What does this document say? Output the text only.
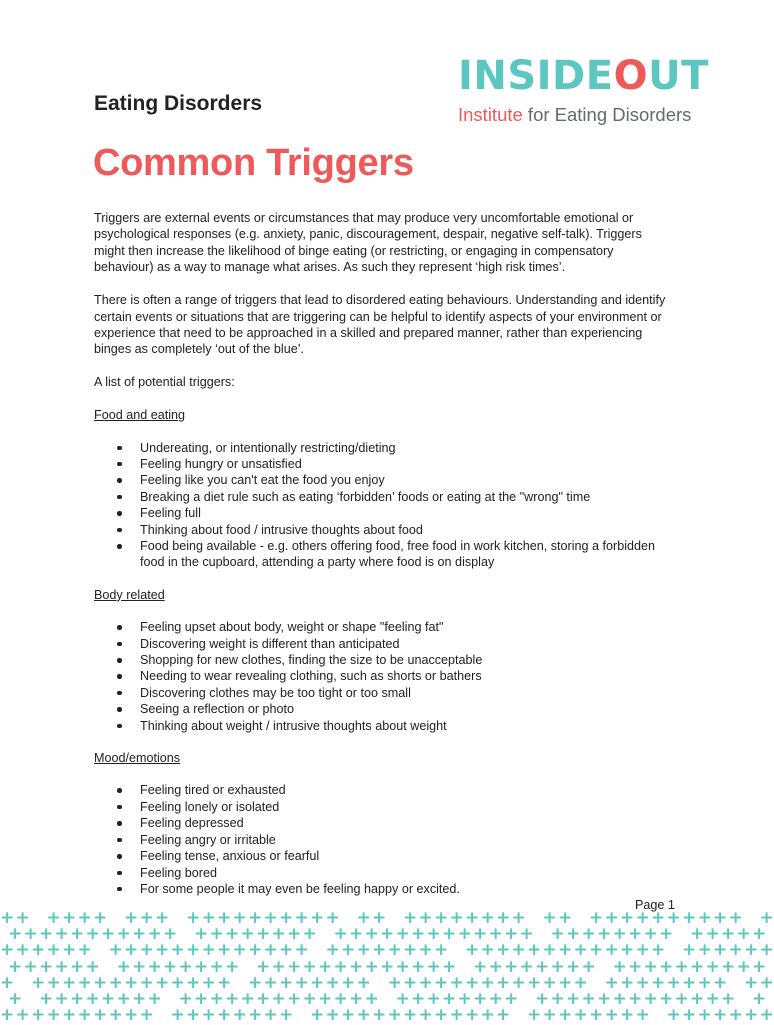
INSIDEOUT
Institute for Eating Disorders
Eating Disorders
Common Triggers

Triggers are external events or circumstances that may produce very uncomfortable emotional or psychological responses (e.g. anxiety, panic, discouragement, despair, negative self-talk). Triggers might then increase the likelihood of binge eating (or restricting, or engaging in compensatory behaviour) as a way to manage what arises. As such they represent ‘high risk times’.

There is often a range of triggers that lead to disordered eating behaviours. Understanding and identify certain events or situations that are triggering can be helpful to identify aspects of your environment or experience that need to be approached in a skilled and prepared manner, rather than experiencing binges as completely ‘out of the blue’.

A list of potential triggers:

Food and eating
Undereating, or intentionally restricting/dieting
Feeling hungry or unsatisfied
Feeling like you can't eat the food you enjoy
Breaking a diet rule such as eating ‘forbidden’ foods or eating at the "wrong" time
Feeling full
Thinking about food / intrusive thoughts about food
Food being available - e.g. others offering food, free food in work kitchen, storing a forbidden food in the cupboard, attending a party where food is on display
Body related
Feeling upset about body, weight or shape "feeling fat"
Discovering weight is different than anticipated
Shopping for new clothes, finding the size to be unacceptable
Needing to wear revealing clothing, such as shorts or bathers
Discovering clothes may be too tight or too small
Seeing a reflection or photo
Thinking about weight / intrusive thoughts about weight
Mood/emotions
Feeling tired or exhausted
Feeling lonely or isolated
Feeling depressed
Feeling angry or irritable
Feeling tense, anxious or fearful
Feeling bored
For some people it may even be feeling happy or excited.
Page 1
+ + + + + + + + + + + + + + + + + + + + + + + + + + + + + + + + + + + + + + + + + +
+ + + + + + + + + + + + + + + + + + + + + + + + + + + + + + + + + + + + + + + + + + + + +
+ + + + + + + + + + + + + + + + + + + + + + + + + + + + + + + + + + + + + + + + + + + + + +
+ + + + + + + + + + + + + + + + + + + + + + + + + + + + + + + + + + + + + + + + + + + + +
+ + + + + + + + + + + + + + + + + + + + + + + + + + + + + + + + + + + + + + + + + + + + +
+ + + + + + + + + + + + + + + + + + + + + + + + + + + + + + + + + + + + + + + + + + + +
+ + + + + + + + + + + + + + + + + + + + + + + + + + + + + + + + + + + + + + + + + + + + + +
